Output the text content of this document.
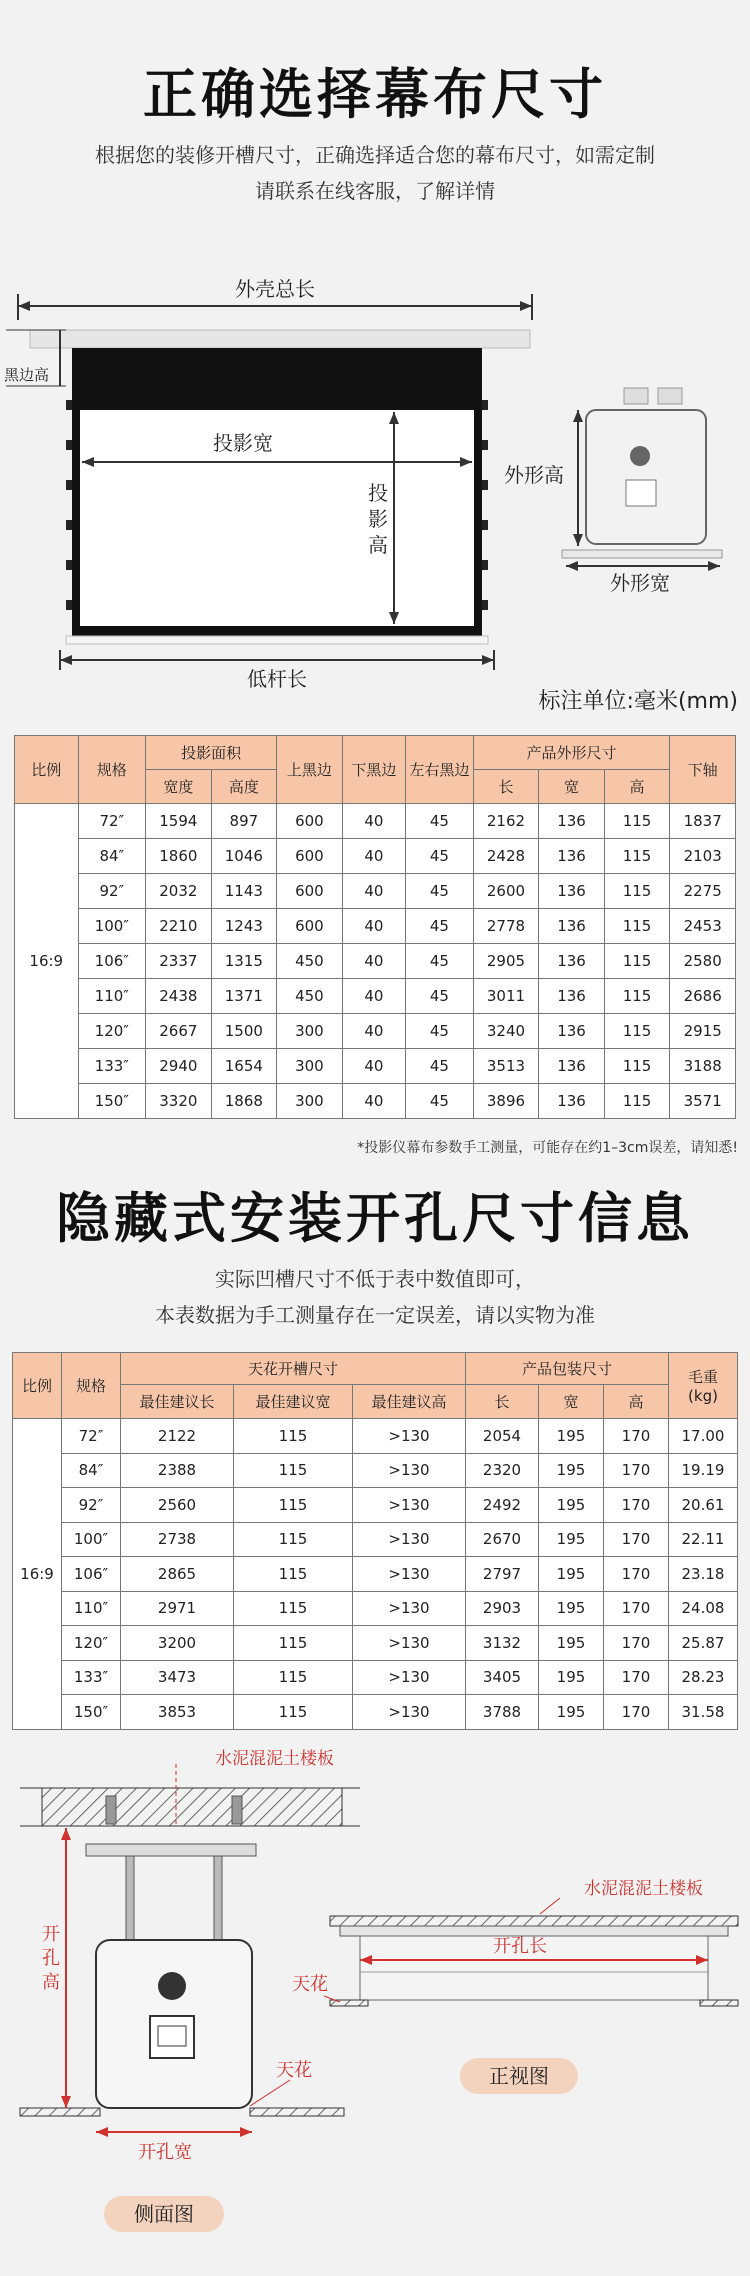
正确选择幕布尺寸
根据您的装修开槽尺寸，正确选择适合您的幕布尺寸，如需定制
请联系在线客服，了解详情
外壳总长
黑边高
投影宽
投
影
高
低杆长
外形高
外形宽
标注单位:毫米(mm)
比例	规格	投影面积		上黑边	下黑边	左右黑边	产品外形尺寸			下轴
		宽度	高度				长	宽	高	
16:9	72″	1594	897	600	40	45	2162	136	115	1837
	84″	1860	1046	600	40	45	2428	136	115	2103
	92″	2032	1143	600	40	45	2600	136	115	2275
	100″	2210	1243	600	40	45	2778	136	115	2453
	106″	2337	1315	450	40	45	2905	136	115	2580
	110″	2438	1371	450	40	45	3011	136	115	2686
	120″	2667	1500	300	40	45	3240	136	115	2915
	133″	2940	1654	300	40	45	3513	136	115	3188
	150″	3320	1868	300	40	45	3896	136	115	3571
*投影仪幕布参数手工测量，可能存在约1–3cm误差，请知悉!
隐藏式安装开孔尺寸信息
实际凹槽尺寸不低于表中数值即可，
本表数据为手工测量存在一定误差，请以实物为准
比例	规格	天花开槽尺寸			产品包装尺寸			毛重
(kg)
		最佳建议长	最佳建议宽	最佳建议高	长	宽	高	
16:9	72″	2122	115	>130	2054	195	170	17.00
	84″	2388	115	>130	2320	195	170	19.19
	92″	2560	115	>130	2492	195	170	20.61
	100″	2738	115	>130	2670	195	170	22.11
	106″	2865	115	>130	2797	195	170	23.18
	110″	2971	115	>130	2903	195	170	24.08
	120″	3200	115	>130	3132	195	170	25.87
	133″	3473	115	>130	3405	195	170	28.23
	150″	3853	115	>130	3788	195	170	31.58
水泥混泥土楼板
开
孔
高
天花
开孔宽
侧面图
水泥混泥土楼板
开孔长
天花
正视图
